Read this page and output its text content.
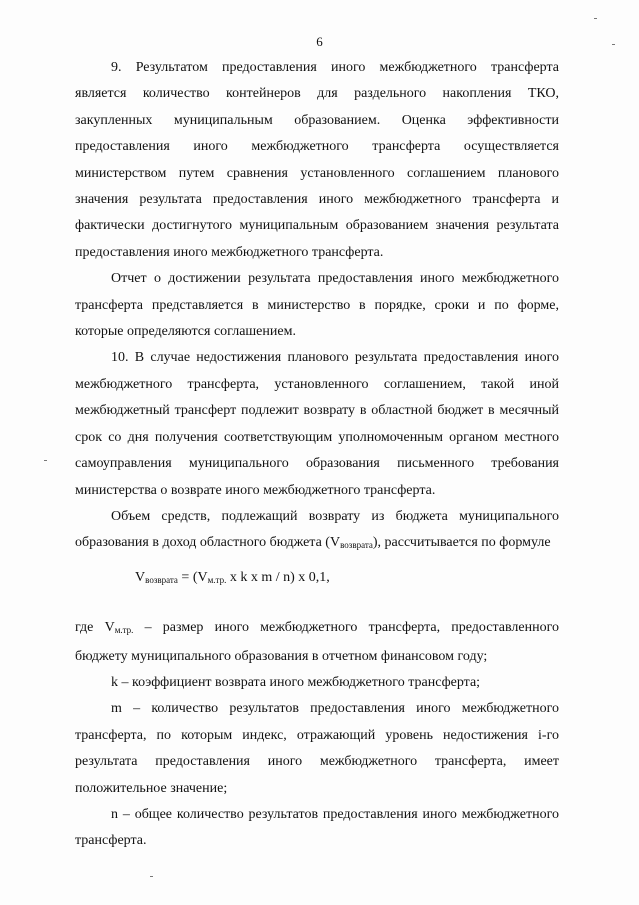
6

9. Результатом предоставления иного межбюджетного трансферта является количество контейнеров для раздельного накопления ТКО, закупленных муниципальным образованием. Оценка эффективности предоставления иного межбюджетного трансферта осуществляется министерством путем сравнения установленного соглашением планового значения результата предоставления иного межбюджетного трансферта и фактически достигнутого муниципальным образованием значения результата предоставления иного межбюджетного трансферта.

Отчет о достижении результата предоставления иного межбюджетного трансферта представляется в министерство в порядке, сроки и по форме, которые определяются соглашением.

10. В случае недостижения планового результата предоставления иного межбюджетного трансферта, установленного соглашением, такой иной межбюджетный трансферт подлежит возврату в областной бюджет в месячный срок со дня получения соответствующим уполномоченным органом местного самоуправления муниципального образования письменного требования министерства о возврате иного межбюджетного трансферта.

Объем средств, подлежащий возврату из бюджета муниципального образования в доход областного бюджета $(V_{возврата})$, рассчитывается по формуле

$V_{возврата} = (V_{м.тр.}$ x k x m / n) x 0,1,

где $V_{м.тр.}$ – размер иного межбюджетного трансферта, предоставленного бюджету муниципального образования в отчетном финансовом году;

k – коэффициент возврата иного межбюджетного трансферта;

m – количество результатов предоставления иного межбюджетного трансферта, по которым индекс, отражающий уровень недостижения i-го результата предоставления иного межбюджетного трансферта, имеет положительное значение;

n – общее количество результатов предоставления иного межбюджетного трансферта.
